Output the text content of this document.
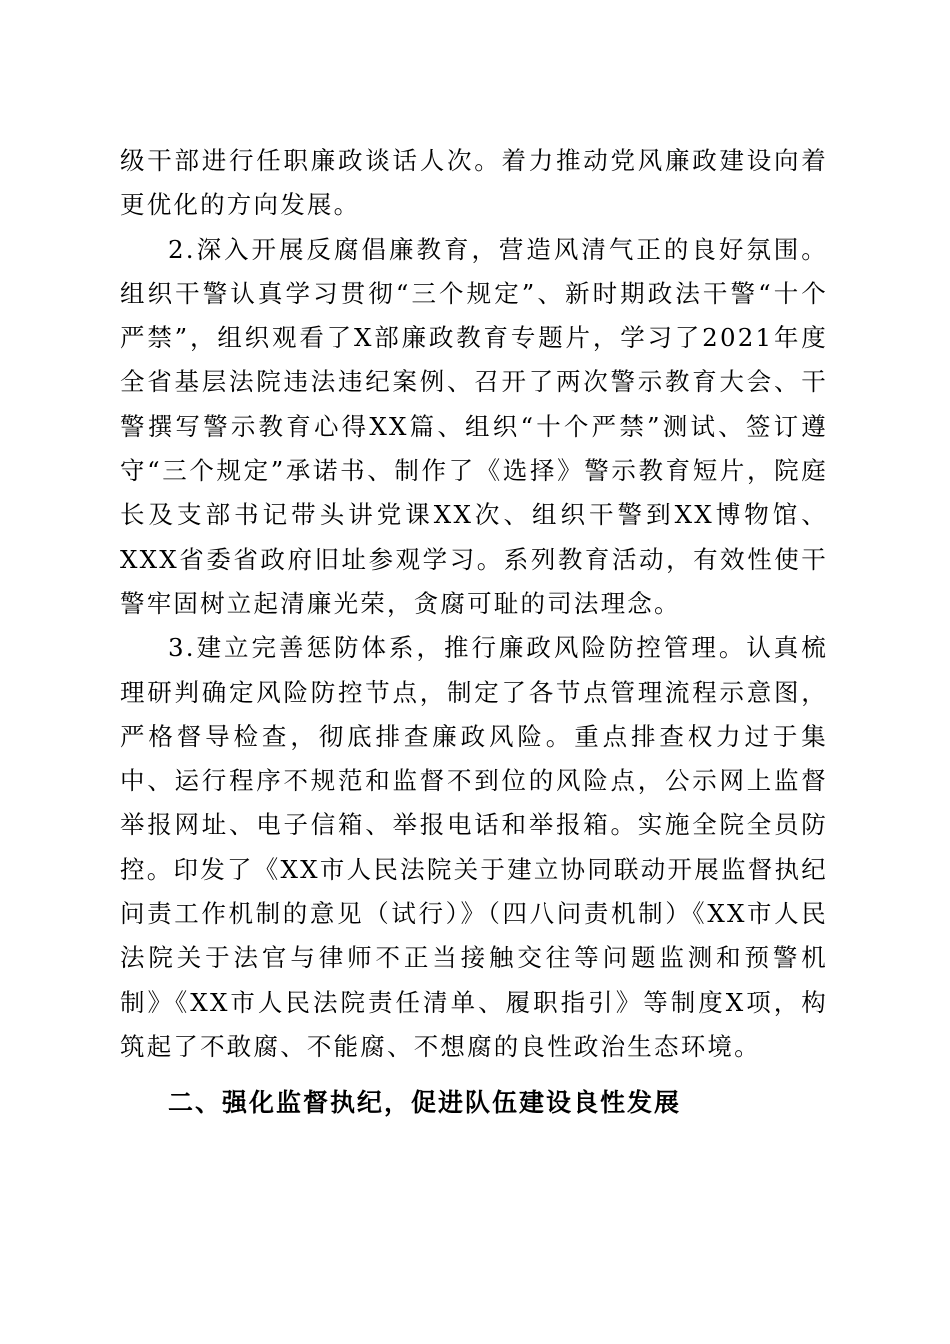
级干部进行任职廉政谈话人次。着力推动党风廉政建设向着更优化的方向发展。

2.深入开展反腐倡廉教育，营造风清气正的良好氛围。组织干警认真学习贯彻“三个规定”、新时期政法干警“十个严禁”，组织观看了X部廉政教育专题片，学习了2021年度全省基层法院违法违纪案例、召开了两次警示教育大会、干警撰写警示教育心得XX篇、组织“十个严禁”测试、签订遵守“三个规定”承诺书、制作了《选择》警示教育短片，院庭长及支部书记带头讲党课XX次、组织干警到XX博物馆、XXX省委省政府旧址参观学习。系列教育活动，有效性使干警牢固树立起清廉光荣，贪腐可耻的司法理念。

3.建立完善惩防体系，推行廉政风险防控管理。认真梳理研判确定风险防控节点，制定了各节点管理流程示意图，严格督导检查，彻底排查廉政风险。重点排查权力过于集中、运行程序不规范和监督不到位的风险点，公示网上监督举报网址、电子信箱、举报电话和举报箱。实施全院全员防控。印发了《XX市人民法院关于建立协同联动开展监督执纪问责工作机制的意见（试行）》（四八问责机制）《XX市人民法院关于法官与律师不正当接触交往等问题监测和预警机制》《XX市人民法院责任清单、履职指引》等制度X项，构筑起了不敢腐、不能腐、不想腐的良性政治生态环境。

二、强化监督执纪，促进队伍建设良性发展
